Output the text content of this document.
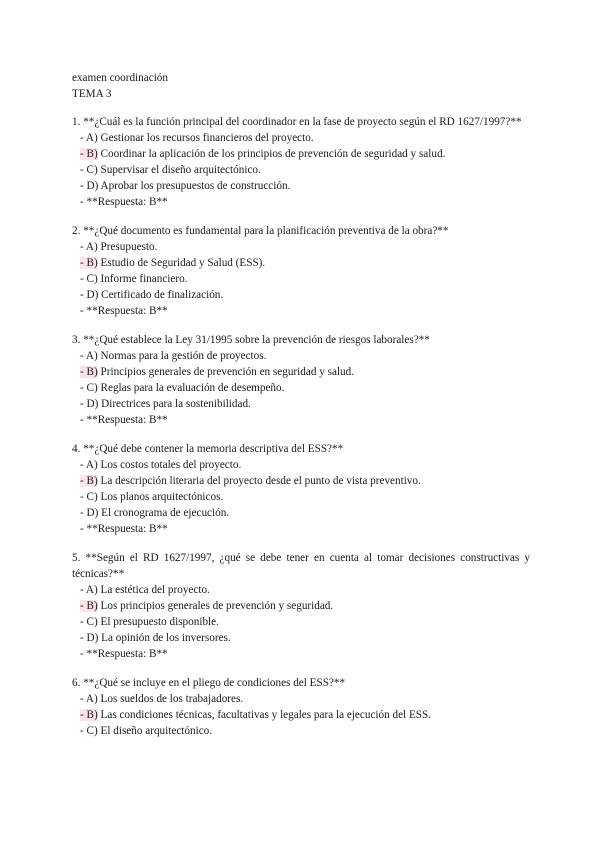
examen coordinación
TEMA 3
1. **¿Cuál es la función principal del coordinador en la fase de proyecto según el RD 1627/1997?**
- A) Gestionar los recursos financieros del proyecto.
- B) Coordinar la aplicación de los principios de prevención de seguridad y salud.
- C) Supervisar el diseño arquitectónico.
- D) Aprobar los presupuestos de construcción.
- **Respuesta: B**
2. **¿Qué documento es fundamental para la planificación preventiva de la obra?**
- A) Presupuesto.
- B) Estudio de Seguridad y Salud (ESS).
- C) Informe financiero.
- D) Certificado de finalización.
- **Respuesta: B**
3. **¿Qué establece la Ley 31/1995 sobre la prevención de riesgos laborales?**
- A) Normas para la gestión de proyectos.
- B) Principios generales de prevención en seguridad y salud.
- C) Reglas para la evaluación de desempeño.
- D) Directrices para la sostenibilidad.
- **Respuesta: B**
4. **¿Qué debe contener la memoria descriptiva del ESS?**
- A) Los costos totales del proyecto.
- B) La descripción literaria del proyecto desde el punto de vista preventivo.
- C) Los planos arquitectónicos.
- D) El cronograma de ejecución.
- **Respuesta: B**
5. **Según el RD 1627/1997, ¿qué se debe tener en cuenta al tomar decisiones constructivas y técnicas?**
- A) La estética del proyecto.
- B) Los principios generales de prevención y seguridad.
- C) El presupuesto disponible.
- D) La opinión de los inversores.
- **Respuesta: B**
6. **¿Qué se incluye en el pliego de condiciones del ESS?**
- A) Los sueldos de los trabajadores.
- B) Las condiciones técnicas, facultativas y legales para la ejecución del ESS.
- C) El diseño arquitectónico.
